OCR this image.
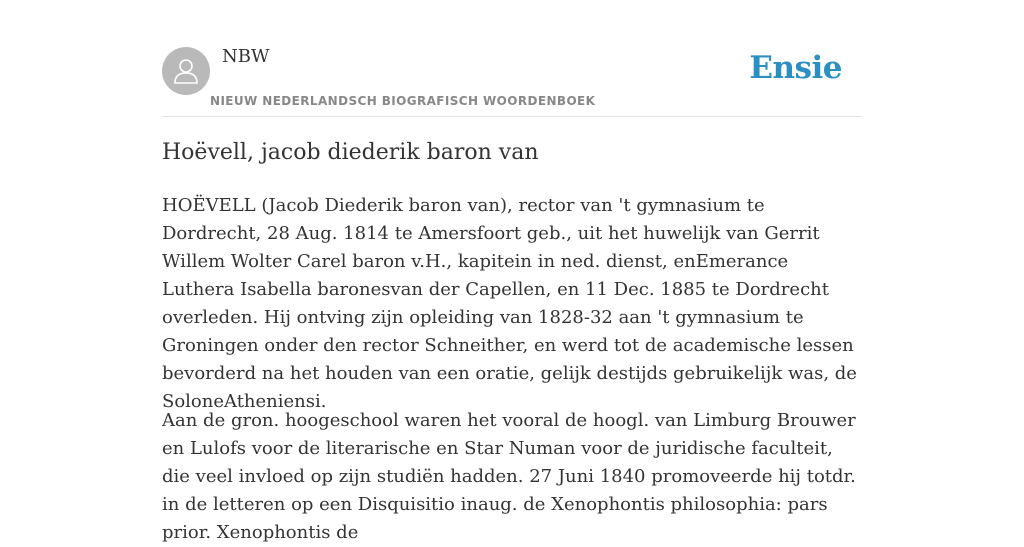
NBW
NIEUW NEDERLANDSCH BIOGRAFISCH WOORDENBOEK
Ensie
Hoëvell, jacob diederik baron van

HOËVELL (Jacob Diederik baron van), rector van 't gymnasium te Dordrecht, 28 Aug. 1814 te Amersfoort geb., uit het huwelijk van Gerrit Willem Wolter Carel baron v.H., kapitein in ned. dienst, enEmerance Luthera Isabella baronesvan der Capellen, en 11 Dec. 1885 te Dordrecht overleden. Hij ontving zijn opleiding van 1828-32 aan 't gymnasium te Groningen onder den rector Schneither, en werd tot de academische lessen bevorderd na het houden van een oratie, gelijk destijds gebruikelijk was, de SoloneAtheniensi.

Aan de gron. hoogeschool waren het vooral de hoogl. van Limburg Brouwer en Lulofs voor de literarische en Star Numan voor de juridische faculteit, die veel invloed op zijn studiën hadden. 27 Juni 1840 promoveerde hij totdr. in de letteren op een Disquisitio inaug. de Xenophontis philosophia: pars prior. Xenophontis de
